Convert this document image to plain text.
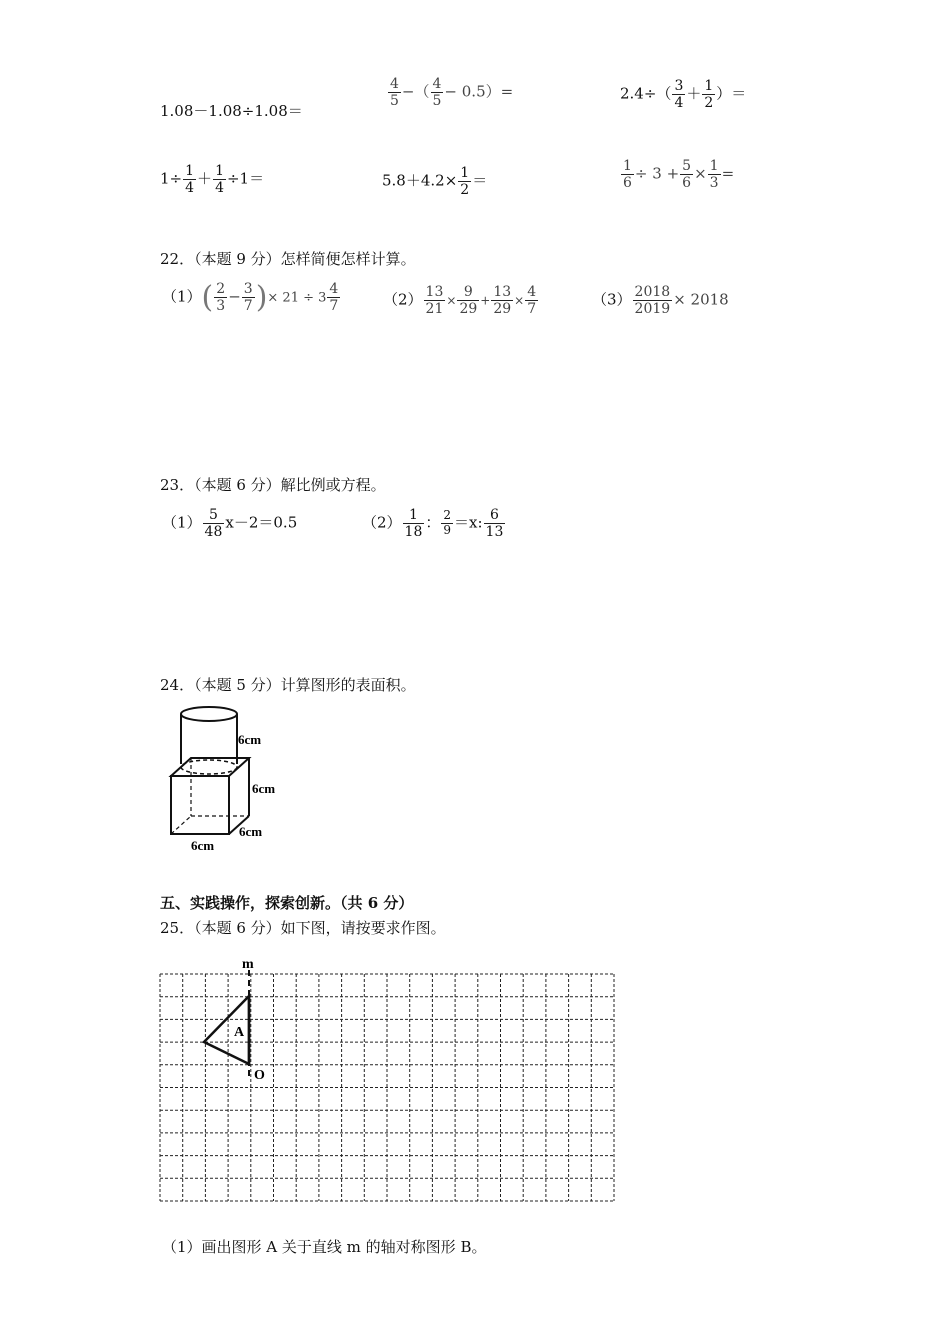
1.08－1.08÷1.08＝
$\frac{4}{5}$ −（ $\frac{4}{5} - 0.5)=$	$2.4\div( \frac{3}{4} + \frac{1}{2}$ ）＝
$1\div \frac{1}{4} + \frac{1}{4} \div 1=$	$5.8+4.2\times \frac{1}{2}$ ＝	$\frac{1}{6} \div 3 + \frac{5}{6} \times \frac{1}{3}$ =
22．（本题 9 分）怎样简便怎样计算。
$(1)( \frac{2}{3} - \frac{3}{7}$ )× $21 \div 3 \frac{4}{7}$	$(2) \frac{13}{21} \times \frac{9}{29} + \frac{13}{29} \times \frac{4}{7}$	$(3) \frac{2018}{2019} \times 2018$
23．（本题 6 分）解比例或方程。
$(1) \frac{5}{48} x-2=0.5$	$(2) \frac{1}{18}$ ： $\frac{2}{9} =x$: $\frac{6}{13}$
24．（本题 5 分）计算图形的表面积。
6cm
6cm
6cm
6cm
五、实践操作，探索创新。（共 6 分）
25．（本题 6 分）如下图，请按要求作图。
m
A
O
（1）画出图形 A 关于直线 m 的轴对称图形 B。
